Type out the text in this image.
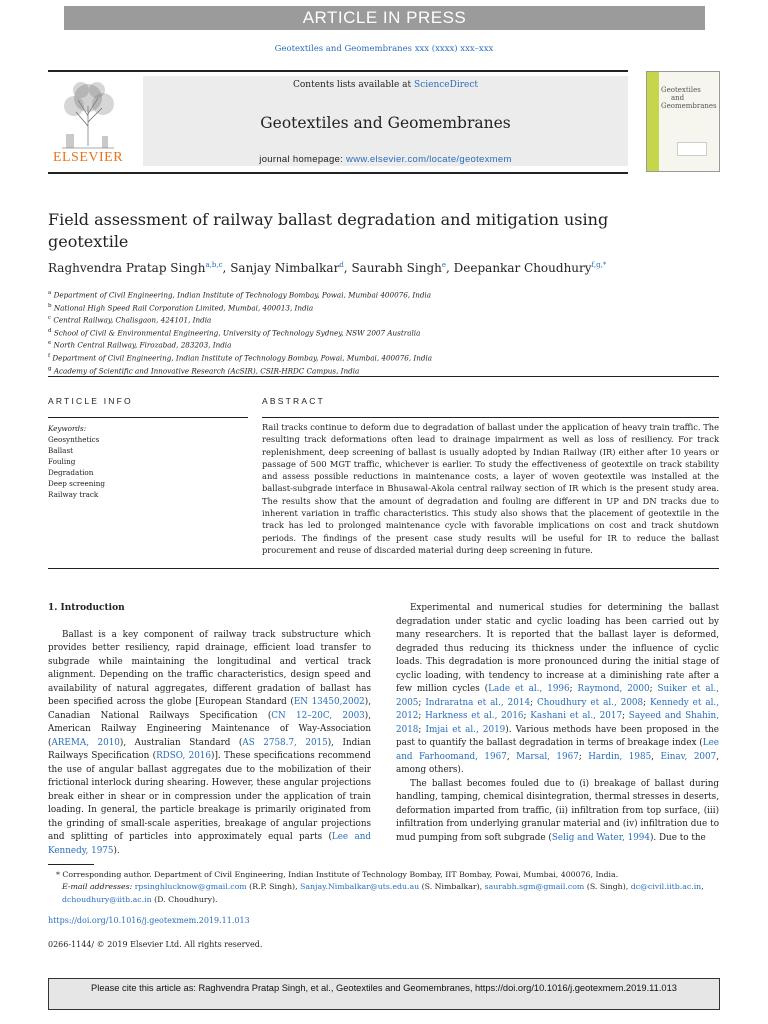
ARTICLE IN PRESS
Geotextiles and Geomembranes xxx (xxxx) xxx–xxx
ELSEVIER
Contents lists available at ScienceDirect
Geotextiles and Geomembranes
journal homepage: www.elsevier.com/locate/geotexmem
Geotextiles
and
Geomembranes
Field assessment of railway ballast degradation and mitigation using geotextile
Raghvendra Pratap Singh$^{a,b,c}$, Sanjay Nimbalkar$^d$, Saurabh Singh$^e$, Deepankar Choudhury$^{f,g,*}$
$^a$ Department of Civil Engineering, Indian Institute of Technology Bombay, Powai, Mumbai 400076, India
$^b$ National High Speed Rail Corporation Limited, Mumbai, 400013, India
$^c$ Central Railway, Chalisgaon, 424101, India
$^d$ School of Civil & Environmental Engineering, University of Technology Sydney, NSW 2007 Australia
$^e$ North Central Railway, Firozabad, 283203, India
$^f$ Department of Civil Engineering, Indian Institute of Technology Bombay, Powai, Mumbai, 400076, India
$^g$ Academy of Scientific and Innovative Research (AcSIR), CSIR-HRDC Campus, India
ARTICLE INFO
Keywords:
Geosynthetics
Ballast
Fouling
Degradation
Deep screening
Railway track
ABSTRACT
Rail tracks continue to deform due to degradation of ballast under the application of heavy train traffic. The resulting track deformations often lead to drainage impairment as well as loss of resiliency. For track replenishment, deep screening of ballast is usually adopted by Indian Railway (IR) either after 10 years or passage of 500 MGT traffic, whichever is earlier. To study the effectiveness of geotextile on track stability and assess possible reductions in maintenance costs, a layer of woven geotextile was installed at the ballast-subgrade interface in Bhusawal-Akola central railway section of IR which is the present study area. The results show that the amount of degradation and fouling are different in UP and DN tracks due to inherent variation in traffic characteristics. This study also shows that the placement of geotextile in the track has led to prolonged maintenance cycle with favorable implications on cost and track shutdown periods. The findings of the present case study results will be useful for IR to reduce the ballast procurement and reuse of discarded material during deep screening in future.
1. Introduction

Ballast is a key component of railway track substructure which provides better resiliency, rapid drainage, efficient load transfer to subgrade while maintaining the longitudinal and vertical track alignment. Depending on the traffic characteristics, design speed and availability of natural aggregates, different gradation of ballast has been specified across the globe [European Standard (EN 13450,2002), Canadian National Railways Specification (CN 12–20C, 2003), American Railway Engineering Maintenance of Way-Association (AREMA, 2010), Australian Standard (AS 2758.7, 2015), Indian Railways Specification (RDSO, 2016)]. These specifications recommend the use of angular ballast aggregates due to the mobilization of their frictional interlock during shearing. However, these angular projections break either in shear or in compression under the application of train loading. In general, the particle breakage is primarily originated from the grinding of small-scale asperities, breakage of angular projections and splitting of particles into approximately equal parts (Lee and Kennedy, 1975).

Experimental and numerical studies for determining the ballast degradation under static and cyclic loading has been carried out by many researchers. It is reported that the ballast layer is deformed, degraded thus reducing its thickness under the influence of cyclic loads. This degradation is more pronounced during the initial stage of cyclic loading, with tendency to increase at a diminishing rate after a few million cycles (Lade et al., 1996; Raymond, 2000; Suiker et al., 2005; Indraratna et al., 2014; Choudhury et al., 2008; Kennedy et al., 2012; Harkness et al., 2016; Kashani et al., 2017; Sayeed and Shahin, 2018; Imjai et al., 2019). Various methods have been proposed in the past to quantify the ballast degradation in terms of breakage index (Lee and Farhoomand, 1967, Marsal, 1967; Hardin, 1985, Einav, 2007, among others).

The ballast becomes fouled due to (i) breakage of ballast during handling, tamping, chemical disintegration, thermal stresses in deserts, deformation imparted from traffic, (ii) infiltration from top surface, (iii) infiltration from underlying granular material and (iv) infiltration due to mud pumping from soft subgrade (Selig and Water, 1994). Due to the

* Corresponding author. Department of Civil Engineering, Indian Institute of Technology Bombay, IIT Bombay, Powai, Mumbai, 400076, India.
E-mail addresses: rpsinghlucknow@gmail.com (R.P. Singh), Sanjay.Nimbalkar@uts.edu.au (S. Nimbalkar), saurabh.sgm@gmail.com (S. Singh), dc@civil.iitb.ac.in, dchoudhury@iitb.ac.in (D. Choudhury).
https://doi.org/10.1016/j.geotexmem.2019.11.013
0266-1144/ © 2019 Elsevier Ltd. All rights reserved.
Please cite this article as: Raghvendra Pratap Singh, et al., Geotextiles and Geomembranes, https://doi.org/10.1016/j.geotexmem.2019.11.013
